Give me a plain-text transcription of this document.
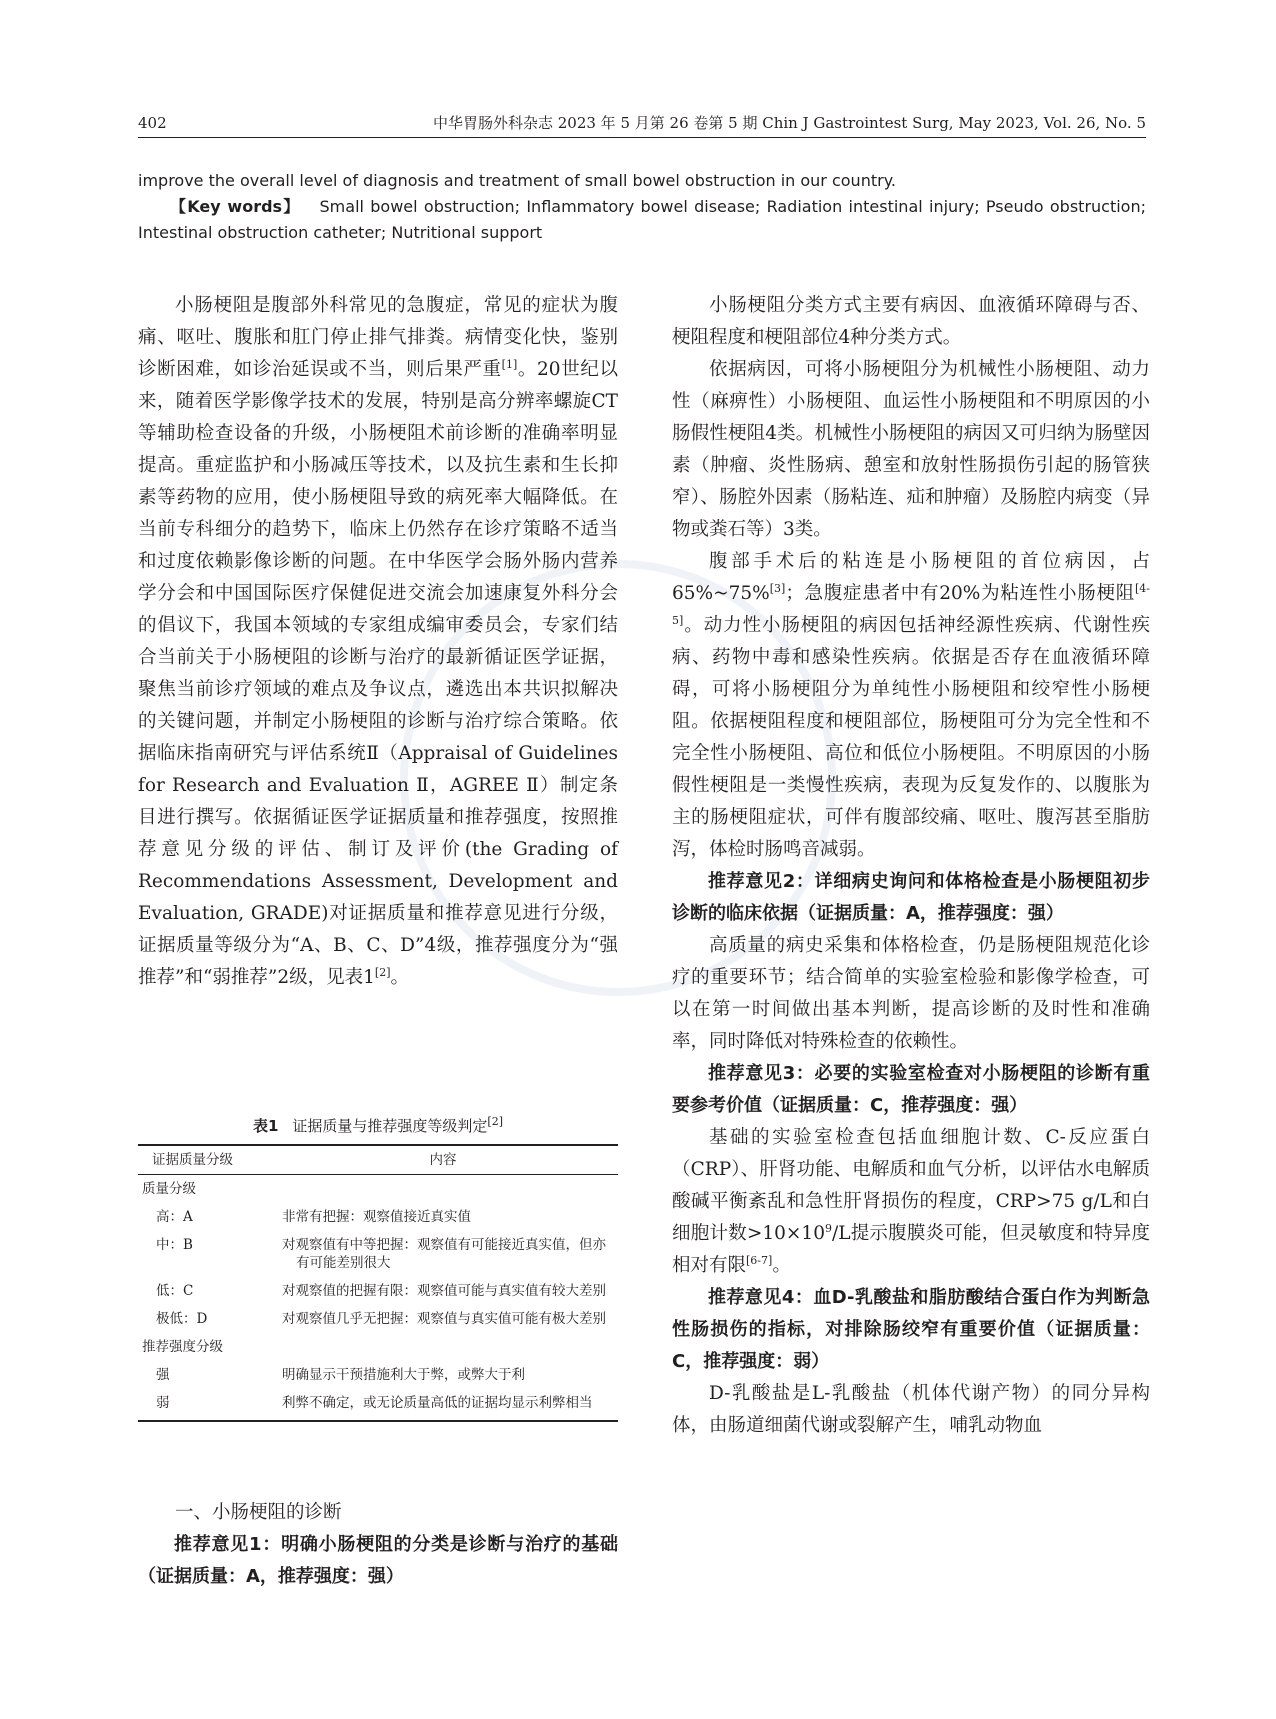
402	中华胃肠外科杂志 2023 年 5 月第 26 卷第 5 期 Chin J Gastrointest Surg, May 2023, Vol. 26, No. 5
improve the overall level of diagnosis and treatment of small bowel obstruction in our country.
【Key words】 Small bowel obstruction; Inflammatory bowel disease; Radiation intestinal injury; Pseudo obstruction; Intestinal obstruction catheter; Nutritional support

小肠梗阻是腹部外科常见的急腹症，常见的症状为腹痛、呕吐、腹胀和肛门停止排气排粪。病情变化快，鉴别诊断困难，如诊治延误或不当，则后果严重[1]。20世纪以来，随着医学影像学技术的发展，特别是高分辨率螺旋CT等辅助检查设备的升级，小肠梗阻术前诊断的准确率明显提高。重症监护和小肠减压等技术，以及抗生素和生长抑素等药物的应用，使小肠梗阻导致的病死率大幅降低。在当前专科细分的趋势下，临床上仍然存在诊疗策略不适当和过度依赖影像诊断的问题。在中华医学会肠外肠内营养学分会和中国国际医疗保健促进交流会加速康复外科分会的倡议下，我国本领域的专家组成编审委员会，专家们结合当前关于小肠梗阻的诊断与治疗的最新循证医学证据，聚焦当前诊疗领域的难点及争议点，遴选出本共识拟解决的关键问题，并制定小肠梗阻的诊断与治疗综合策略。依据临床指南研究与评估系统Ⅱ（Appraisal of Guidelines for Research and Evaluation Ⅱ，AGREE Ⅱ）制定条目进行撰写。依据循证医学证据质量和推荐强度，按照推荐意见分级的评估、制订及评价(the Grading of Recommendations Assessment, Development and Evaluation, GRADE)对证据质量和推荐意见进行分级，证据质量等级分为“A、B、C、D”4级，推荐强度分为“强推荐”和“弱推荐”2级，见表1[2]。

表1 证据质量与推荐强度等级判定[2]
证据质量分级	内容
质量分级	

高：A	非常有把握：观察值接近真实值

中：B	对观察值有中等把握：观察值有可能接近真实值，但亦有可能差别很大

低：C	对观察值的把握有限：观察值可能与真实值有较大差别

极低：D	对观察值几乎无把握：观察值与真实值可能有极大差别

推荐强度分级	

强	明确显示干预措施利大于弊，或弊大于利

弱	利弊不确定，或无论质量高低的证据均显示利弊相当

一、小肠梗阻的诊断

推荐意见1：明确小肠梗阻的分类是诊断与治疗的基础（证据质量：A，推荐强度：强）

小肠梗阻分类方式主要有病因、血液循环障碍与否、梗阻程度和梗阻部位4种分类方式。

依据病因，可将小肠梗阻分为机械性小肠梗阻、动力性（麻痹性）小肠梗阻、血运性小肠梗阻和不明原因的小肠假性梗阻4类。机械性小肠梗阻的病因又可归纳为肠壁因素（肿瘤、炎性肠病、憩室和放射性肠损伤引起的肠管狭窄）、肠腔外因素（肠粘连、疝和肿瘤）及肠腔内病变（异物或粪石等）3类。

腹部手术后的粘连是小肠梗阻的首位病因，占65%~75%[3]；急腹症患者中有20%为粘连性小肠梗阻[4-5]。动力性小肠梗阻的病因包括神经源性疾病、代谢性疾病、药物中毒和感染性疾病。依据是否存在血液循环障碍，可将小肠梗阻分为单纯性小肠梗阻和绞窄性小肠梗阻。依据梗阻程度和梗阻部位，肠梗阻可分为完全性和不完全性小肠梗阻、高位和低位小肠梗阻。不明原因的小肠假性梗阻是一类慢性疾病，表现为反复发作的、以腹胀为主的肠梗阻症状，可伴有腹部绞痛、呕吐、腹泻甚至脂肪泻，体检时肠鸣音减弱。

推荐意见2：详细病史询问和体格检查是小肠梗阻初步诊断的临床依据（证据质量：A，推荐强度：强）

高质量的病史采集和体格检查，仍是肠梗阻规范化诊疗的重要环节；结合简单的实验室检验和影像学检查，可以在第一时间做出基本判断，提高诊断的及时性和准确率，同时降低对特殊检查的依赖性。

推荐意见3：必要的实验室检查对小肠梗阻的诊断有重要参考价值（证据质量：C，推荐强度：强）

基础的实验室检查包括血细胞计数、C-反应蛋白（CRP）、肝肾功能、电解质和血气分析，以评估水电解质酸碱平衡紊乱和急性肝肾损伤的程度，CRP>75 g/L和白细胞计数$>10\times 10^9/L$提示腹膜炎可能，但灵敏度和特异度相对有限[6-7]。

推荐意见4：血D-乳酸盐和脂肪酸结合蛋白作为判断急性肠损伤的指标，对排除肠绞窄有重要价值（证据质量：C，推荐强度：弱）

D-乳酸盐是L-乳酸盐（机体代谢产物）的同分异构体，由肠道细菌代谢或裂解产生，哺乳动物血
